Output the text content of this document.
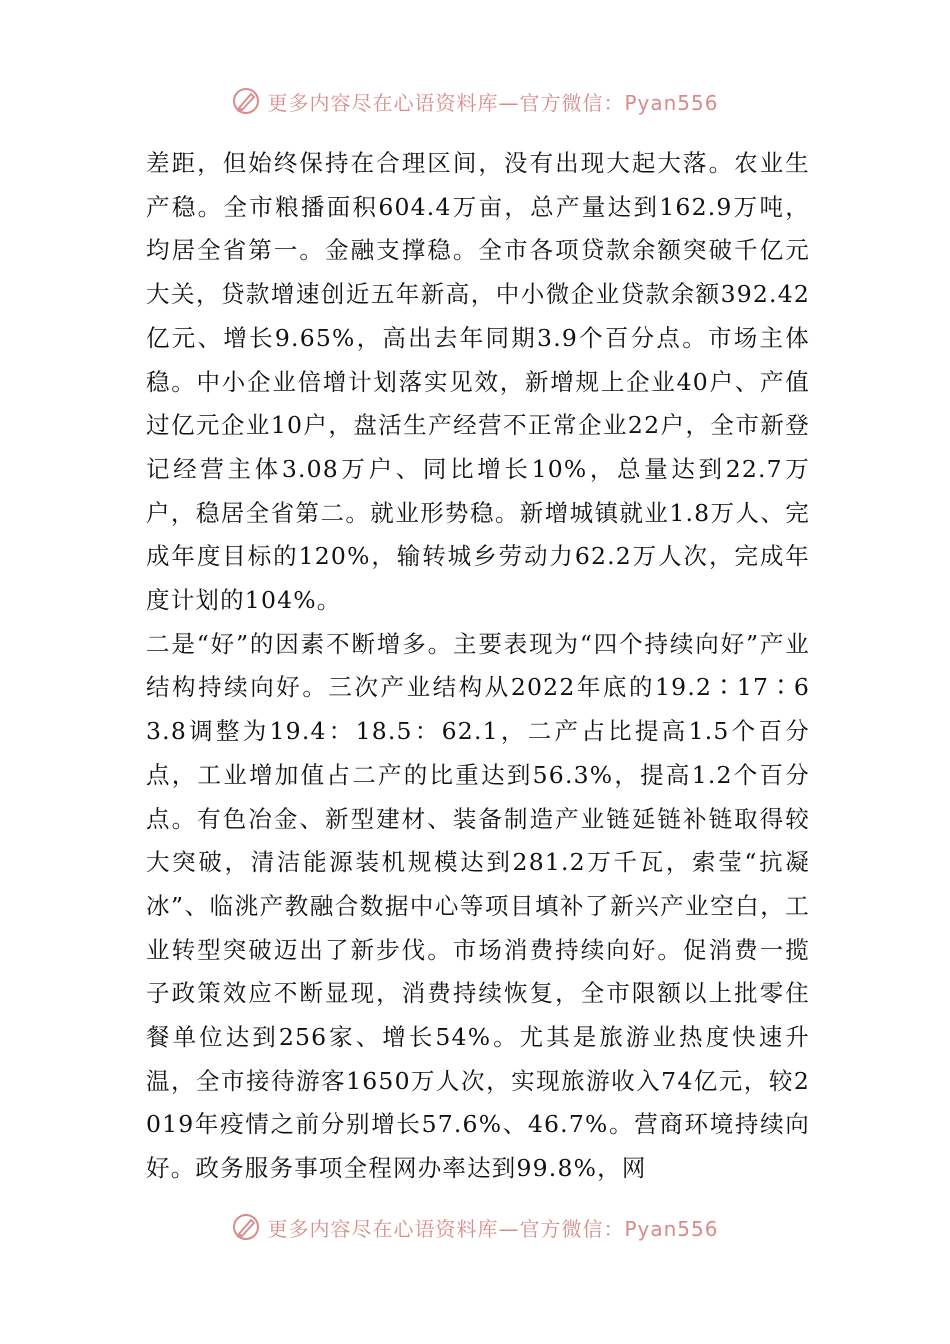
更多内容尽在心语资料库—官方微信：Pyan556

差距，但始终保持在合理区间，没有出现大起大落。农业生产稳。全市粮播面积604.4万亩，总产量达到162.9万吨，均居全省第一。金融支撑稳。全市各项贷款余额突破千亿元大关，贷款增速创近五年新高，中小微企业贷款余额392.42亿元、增长9.65%，高出去年同期3.9个百分点。市场主体稳。中小企业倍增计划落实见效，新增规上企业40户、产值过亿元企业10户，盘活生产经营不正常企业22户，全市新登记经营主体3.08万户、同比增长10%，总量达到22.7万户，稳居全省第二。就业形势稳。新增城镇就业1.8万人、完成年度目标的120%，输转城乡劳动力62.2万人次，完成年度计划的104%。

二是“好”的因素不断增多。主要表现为“四个持续向好”产业结构持续向好。三次产业结构从2022年底的19.2∶17∶63.8调整为19.4：18.5：62.1，二产占比提高1.5个百分点，工业增加值占二产的比重达到56.3%，提高1.2个百分点。有色冶金、新型建材、装备制造产业链延链补链取得较大突破，清洁能源装机规模达到281.2万千瓦，索莹“抗凝冰”、临洮产教融合数据中心等项目填补了新兴产业空白，工业转型突破迈出了新步伐。市场消费持续向好。促消费一揽子政策效应不断显现，消费持续恢复，全市限额以上批零住餐单位达到256家、增长54%。尤其是旅游业热度快速升温，全市接待游客1650万人次，实现旅游收入74亿元，较2019年疫情之前分别增长57.6%、46.7%。营商环境持续向好。政务服务事项全程网办率达到99.8%，网

更多内容尽在心语资料库—官方微信：Pyan556
